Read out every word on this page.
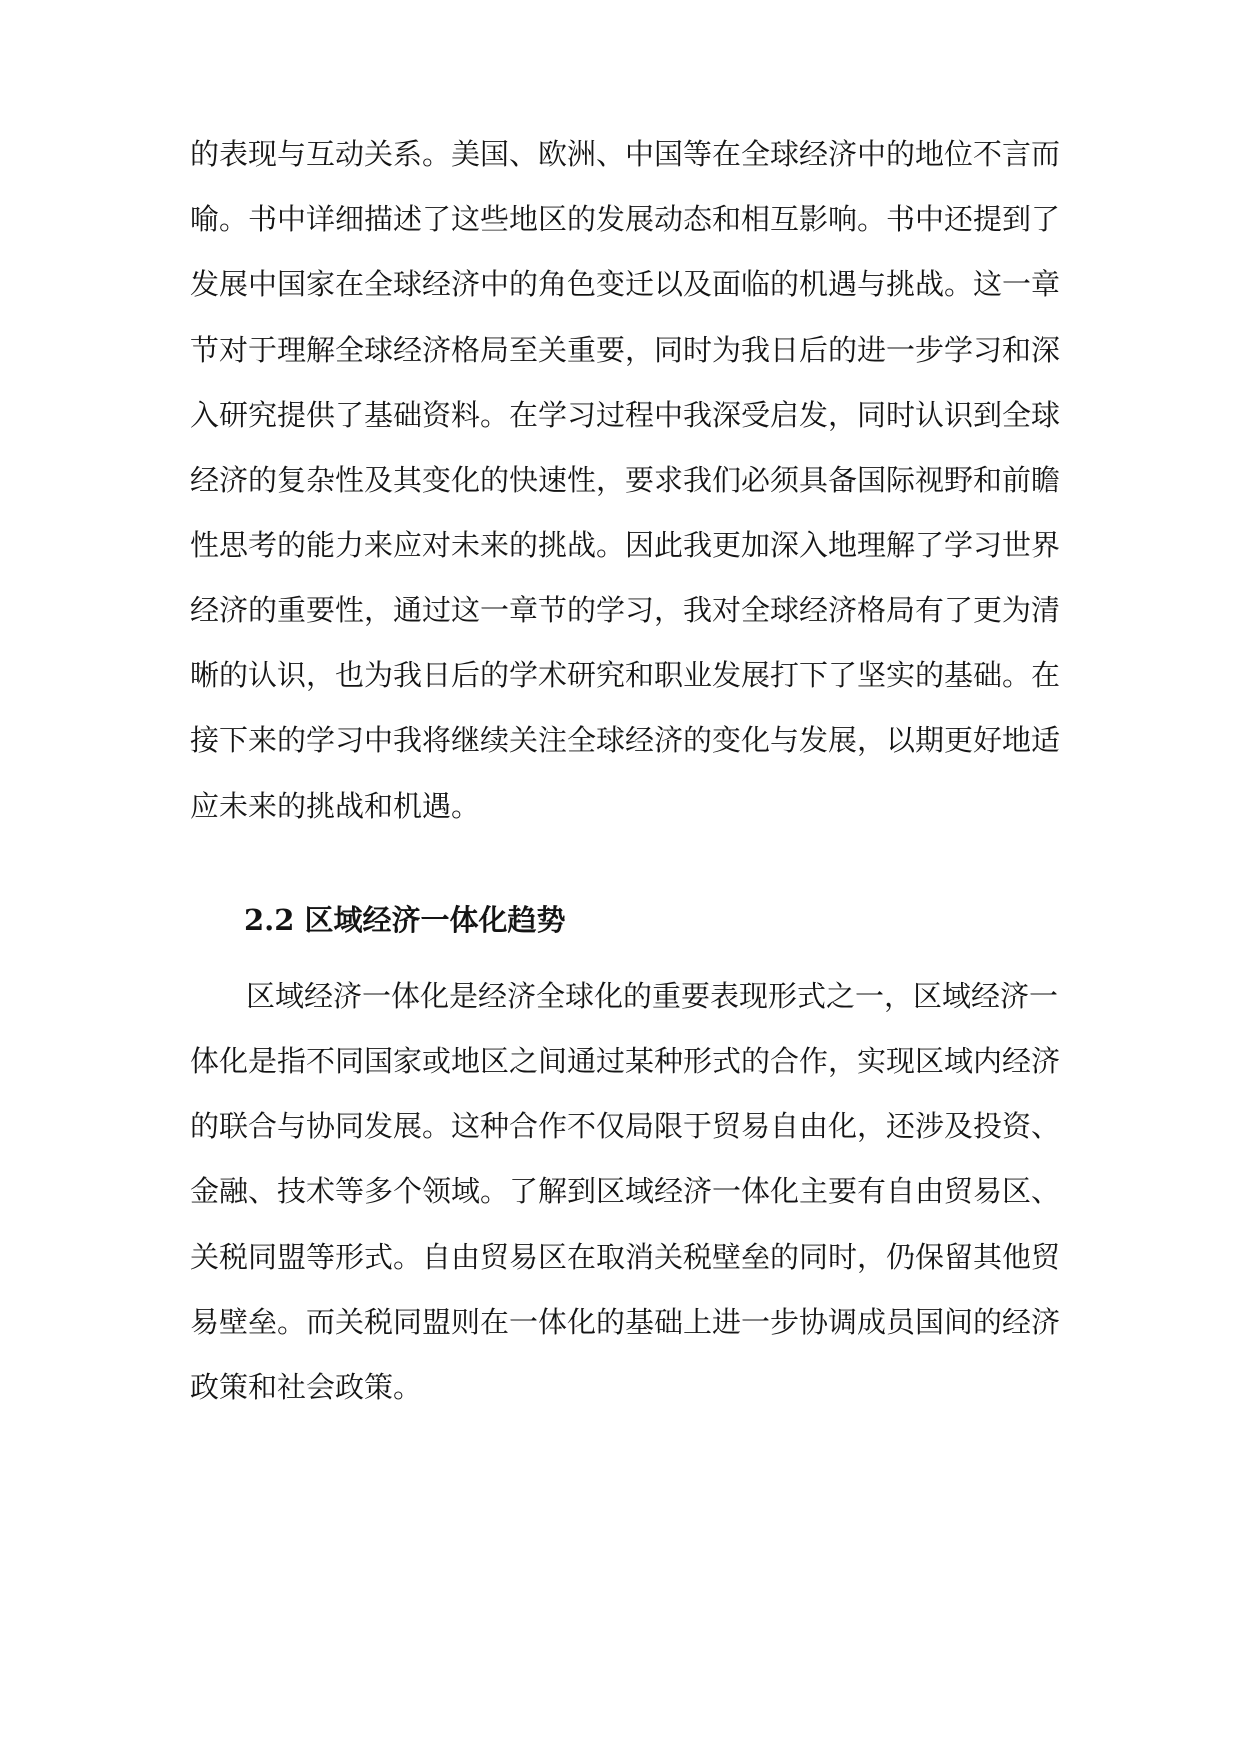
的表现与互动关系。美国、欧洲、中国等在全球经济中的地位不言而
喻。书中详细描述了这些地区的发展动态和相互影响。书中还提到了
发展中国家在全球经济中的角色变迁以及面临的机遇与挑战。这一章
节对于理解全球经济格局至关重要，同时为我日后的进一步学习和深
入研究提供了基础资料。在学习过程中我深受启发，同时认识到全球
经济的复杂性及其变化的快速性，要求我们必须具备国际视野和前瞻
性思考的能力来应对未来的挑战。因此我更加深入地理解了学习世界
经济的重要性，通过这一章节的学习，我对全球经济格局有了更为清
晰的认识，也为我日后的学术研究和职业发展打下了坚实的基础。在
接下来的学习中我将继续关注全球经济的变化与发展，以期更好地适
应未来的挑战和机遇。
2.2 区域经济一体化趋势
区域经济一体化是经济全球化的重要表现形式之一，区域经济一
体化是指不同国家或地区之间通过某种形式的合作，实现区域内经济
的联合与协同发展。这种合作不仅局限于贸易自由化，还涉及投资、
金融、技术等多个领域。了解到区域经济一体化主要有自由贸易区、
关税同盟等形式。自由贸易区在取消关税壁垒的同时，仍保留其他贸
易壁垒。而关税同盟则在一体化的基础上进一步协调成员国间的经济
政策和社会政策。
